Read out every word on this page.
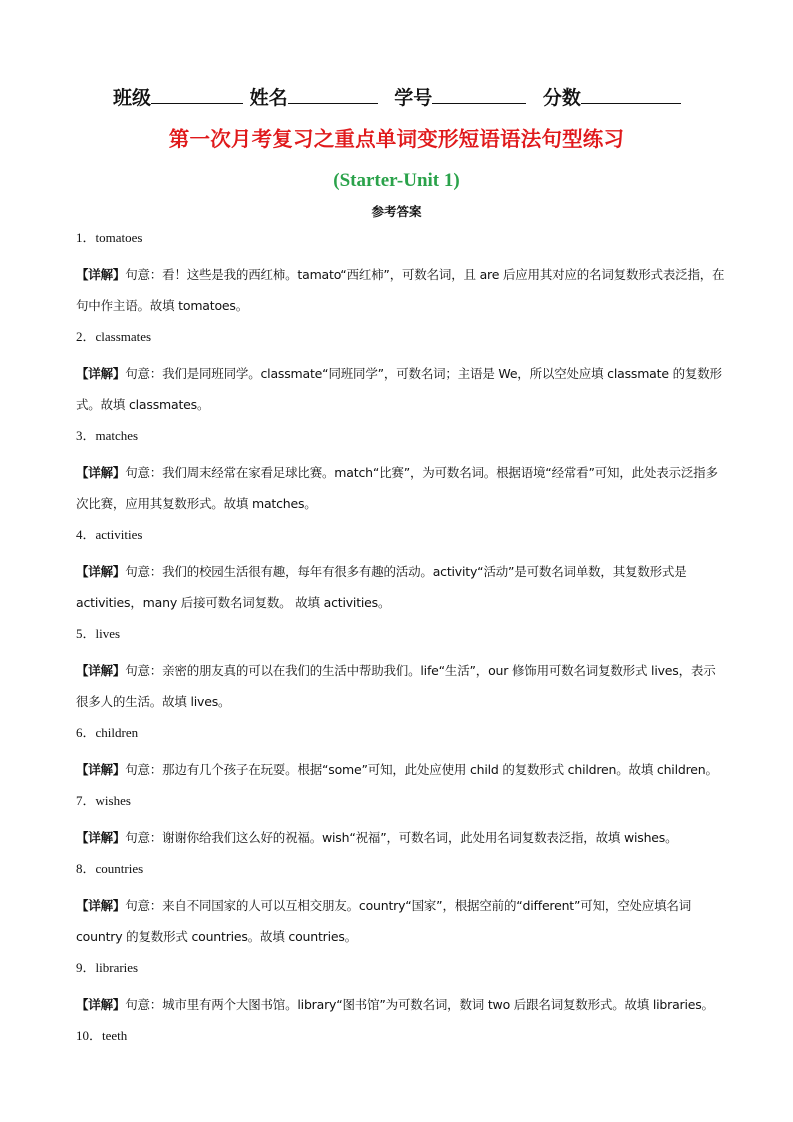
班级	姓名	学号	分数
第一次月考复习之重点单词变形短语语法句型练习
(Starter-Unit 1)
参考答案
1．tomatoes
【详解】句意：看！这些是我的西红柿。tamato“西红柿”，可数名词，且 are 后应用其对应的名词复数形式表泛指，在句中作主语。故填 tomatoes。
2．classmates
【详解】句意：我们是同班同学。classmate“同班同学”，可数名词；主语是 We，所以空处应填 classmate 的复数形式。故填 classmates。
3．matches
【详解】句意：我们周末经常在家看足球比赛。match“比赛”，为可数名词。根据语境“经常看”可知，此处表示泛指多次比赛，应用其复数形式。故填 matches。
4．activities
【详解】句意：我们的校园生活很有趣，每年有很多有趣的活动。activity“活动”是可数名词单数，其复数形式是 activities，many 后接可数名词复数。 故填 activities。
5．lives
【详解】句意：亲密的朋友真的可以在我们的生活中帮助我们。life“生活”，our 修饰用可数名词复数形式 lives，表示很多人的生活。故填 lives。
6．children
【详解】句意：那边有几个孩子在玩耍。根据“some”可知，此处应使用 child 的复数形式 children。故填 children。
7．wishes
【详解】句意：谢谢你给我们这么好的祝福。wish“祝福”，可数名词，此处用名词复数表泛指，故填 wishes。
8．countries
【详解】句意：来自不同国家的人可以互相交朋友。country“国家”，根据空前的“different”可知，空处应填名词 country 的复数形式 countries。故填 countries。
9．libraries
【详解】句意：城市里有两个大图书馆。library“图书馆”为可数名词，数词 two 后跟名词复数形式。故填 libraries。
10．teeth
